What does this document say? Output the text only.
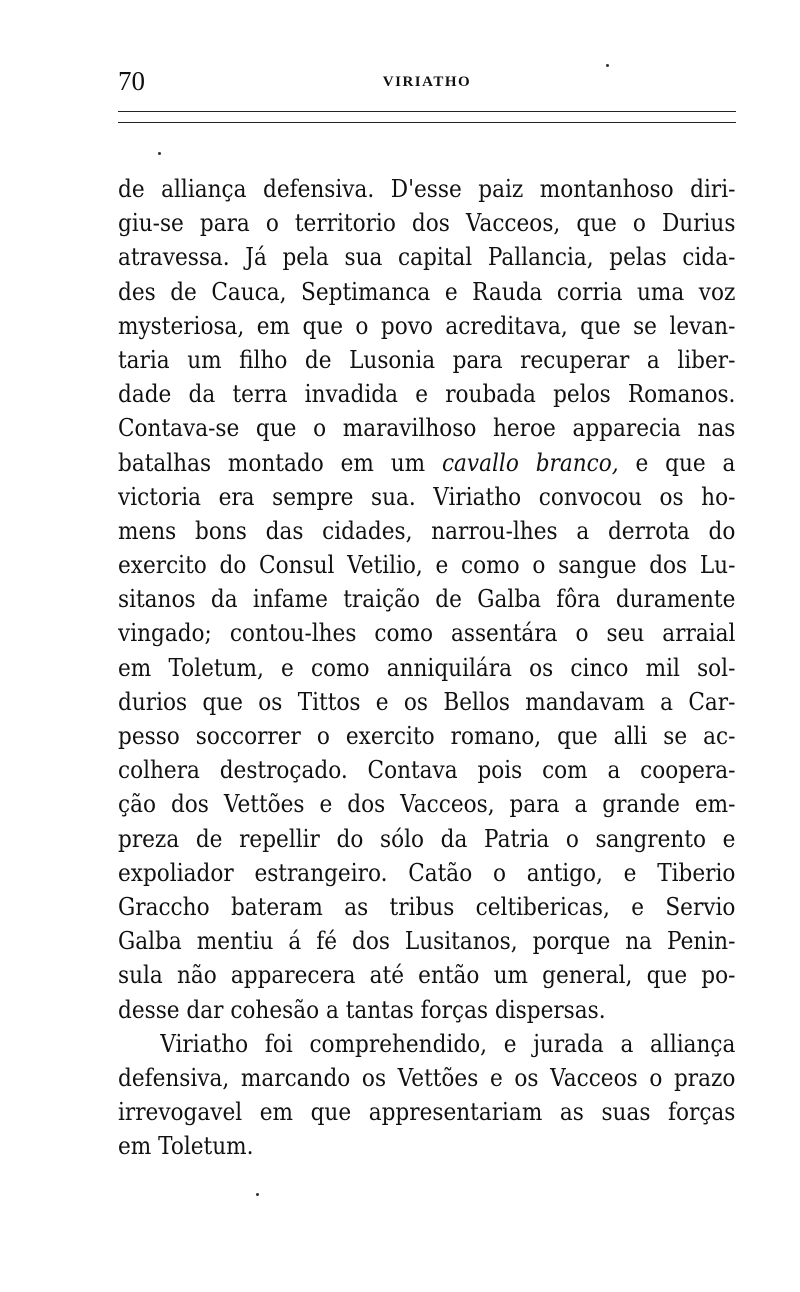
70	VIRIATHO
de alliança defensiva. D'esse paiz montanhoso diri-
giu-se para o territorio dos Vacceos, que o Durius
atravessa. Já pela sua capital Pallancia, pelas cida-
des de Cauca, Septimanca e Rauda corria uma voz
mysteriosa, em que o povo acreditava, que se levan-
taria um filho de Lusonia para recuperar a liber-
dade da terra invadida e roubada pelos Romanos.
Contava-se que o maravilhoso heroe apparecia nas
batalhas montado em um cavallo branco, e que a
victoria era sempre sua. Viriatho convocou os ho-
mens bons das cidades, narrou-lhes a derrota do
exercito do Consul Vetilio, e como o sangue dos Lu-
sitanos da infame traição de Galba fôra duramente
vingado; contou-lhes como assentára o seu arraial
em Toletum, e como anniquilára os cinco mil sol-
durios que os Tittos e os Bellos mandavam a Car-
pesso soccorrer o exercito romano, que alli se ac-
colhera destroçado. Contava pois com a coopera-
ção dos Vettões e dos Vacceos, para a grande em-
preza de repellir do sólo da Patria o sangrento e
expoliador estrangeiro. Catão o antigo, e Tiberio
Graccho bateram as tribus celtibericas, e Servio
Galba mentiu á fé dos Lusitanos, porque na Penin-
sula não apparecera até então um general, que po-
desse dar cohesão a tantas forças dispersas.
Viriatho foi comprehendido, e jurada a alliança
defensiva, marcando os Vettões e os Vacceos o prazo
irrevogavel em que appresentariam as suas forças
em Toletum.
